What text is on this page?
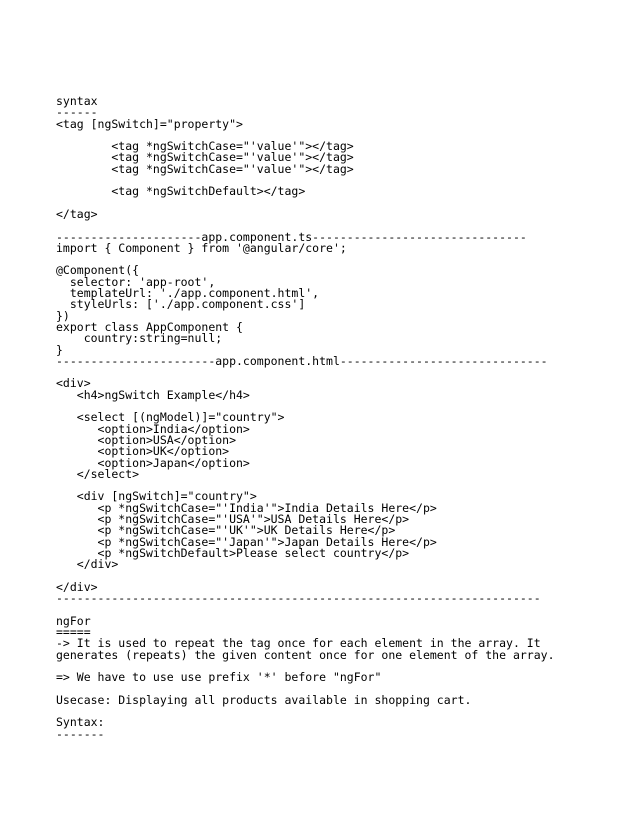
syntax
------
<tag [ngSwitch]="property">
<tag *ngSwitchCase="'value'"></tag>
<tag *ngSwitchCase="'value'"></tag>
<tag *ngSwitchCase="'value'"></tag>
<tag *ngSwitchDefault></tag>
</tag>
---------------------app.component.ts-------------------------------
import { Component } from '@angular/core';
@Component({
selector: 'app-root',
templateUrl: './app.component.html',
styleUrls: ['./app.component.css']
})
export class AppComponent {
country:string=null;
}
-----------------------app.component.html------------------------------
<div>
<h4>ngSwitch Example</h4>
<select [(ngModel)]="country">
<option>India</option>
<option>USA</option>
<option>UK</option>
<option>Japan</option>
</select>
<div [ngSwitch]="country">
<p *ngSwitchCase="'India'">India Details Here</p>
<p *ngSwitchCase="'USA'">USA Details Here</p>
<p *ngSwitchCase="'UK'">UK Details Here</p>
<p *ngSwitchCase="'Japan'">Japan Details Here</p>
<p *ngSwitchDefault>Please select country</p>
</div>
</div>
----------------------------------------------------------------------
ngFor
=====
-> It is used to repeat the tag once for each element in the array. It
generates (repeats) the given content once for one element of the array.
=> We have to use use prefix '*' before "ngFor"
Usecase: Displaying all products available in shopping cart.
Syntax:
-------
